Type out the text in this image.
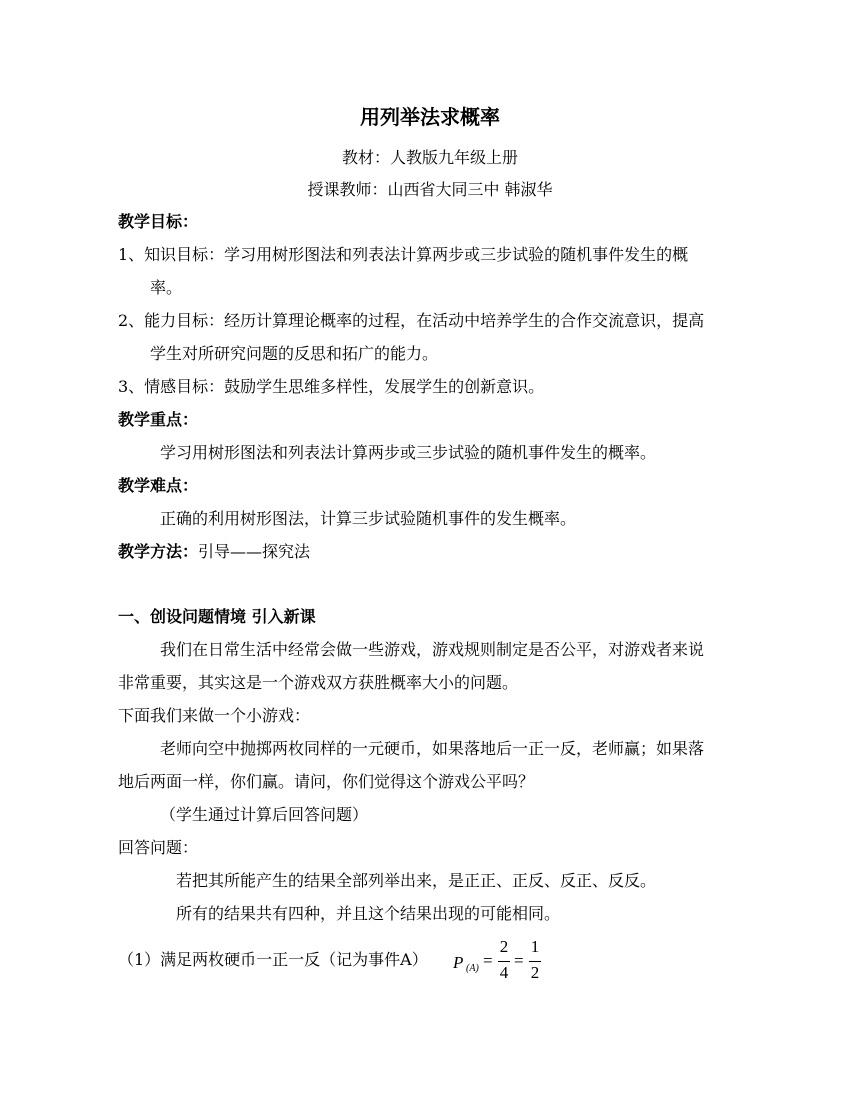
用列举法求概率
教材：人教版九年级上册
授课教师：山西省大同三中 韩淑华
教学目标：
1、知识目标：学习用树形图法和列表法计算两步或三步试验的随机事件发生的概
率。
2、能力目标：经历计算理论概率的过程，在活动中培养学生的合作交流意识，提高
学生对所研究问题的反思和拓广的能力。
3、情感目标：鼓励学生思维多样性，发展学生的创新意识。
教学重点：
学习用树形图法和列表法计算两步或三步试验的随机事件发生的概率。
教学难点：
正确的利用树形图法，计算三步试验随机事件的发生概率。
教学方法：引导——探究法
一、创设问题情境 引入新课
我们在日常生活中经常会做一些游戏，游戏规则制定是否公平，对游戏者来说
非常重要，其实这是一个游戏双方获胜概率大小的问题。
下面我们来做一个小游戏：
老师向空中抛掷两枚同样的一元硬币，如果落地后一正一反，老师赢；如果落
地后两面一样，你们赢。请问，你们觉得这个游戏公平吗？
（学生通过计算后回答问题）
回答问题：
若把其所能产生的结果全部列举出来，是正正、正反、反正、反反。
所有的结果共有四种，并且这个结果出现的可能相同。
（1）满足两枚硬币一正一反（记为事件A） P (A) =
2
4
=
1
2
